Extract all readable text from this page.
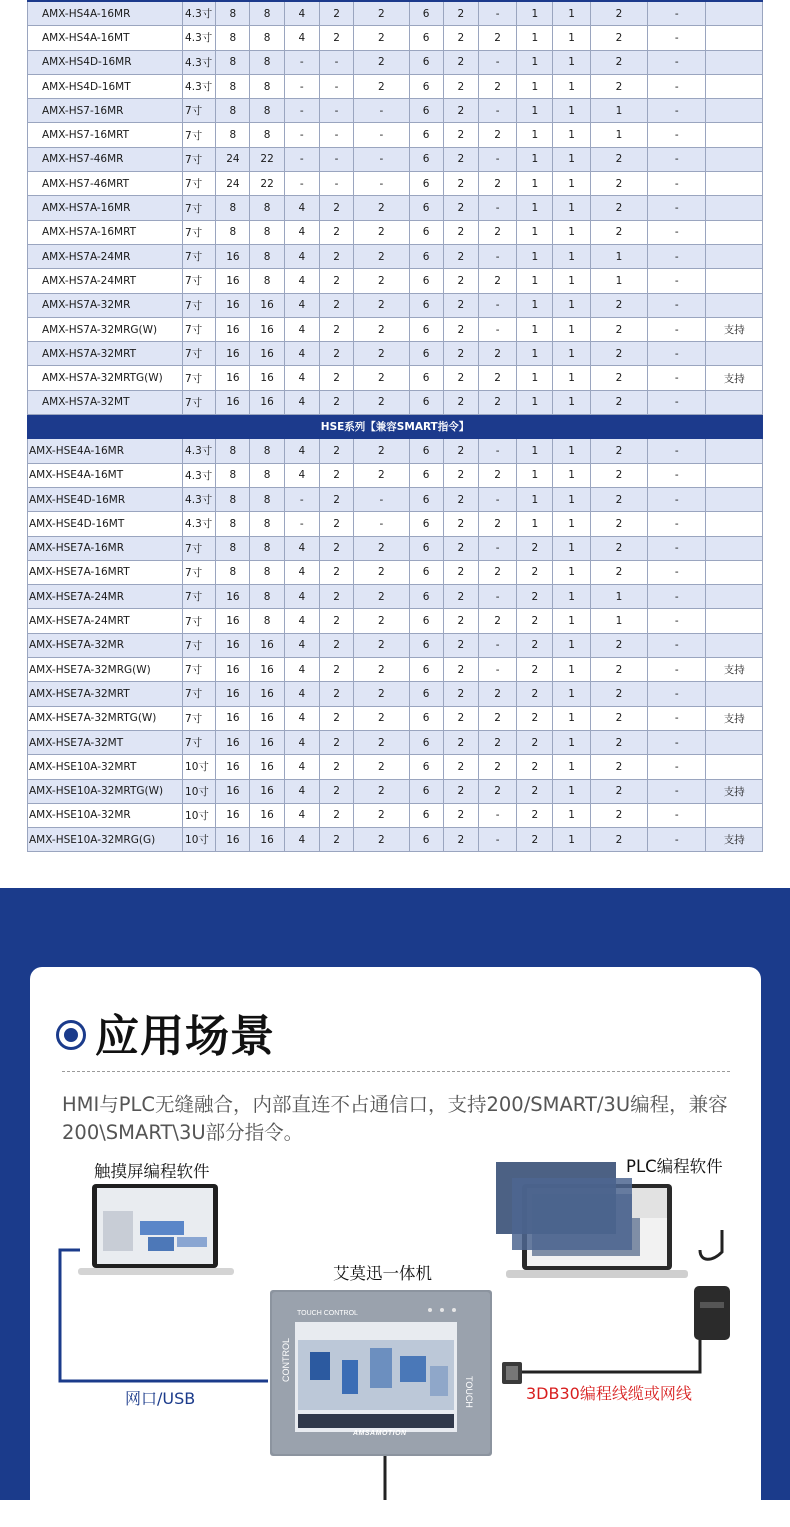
AMX-HS4A-16MR	4.3寸	8	8	4	2	2	6	2	-	1	1	2	-	
AMX-HS4A-16MT	4.3寸	8	8	4	2	2	6	2	2	1	1	2	-	
AMX-HS4D-16MR	4.3寸	8	8	-	-	2	6	2	-	1	1	2	-	
AMX-HS4D-16MT	4.3寸	8	8	-	-	2	6	2	2	1	1	2	-	
AMX-HS7-16MR	7寸	8	8	-	-	-	6	2	-	1	1	1	-	
AMX-HS7-16MRT	7寸	8	8	-	-	-	6	2	2	1	1	1	-	
AMX-HS7-46MR	7寸	24	22	-	-	-	6	2	-	1	1	2	-	
AMX-HS7-46MRT	7寸	24	22	-	-	-	6	2	2	1	1	2	-	
AMX-HS7A-16MR	7寸	8	8	4	2	2	6	2	-	1	1	2	-	
AMX-HS7A-16MRT	7寸	8	8	4	2	2	6	2	2	1	1	2	-	
AMX-HS7A-24MR	7寸	16	8	4	2	2	6	2	-	1	1	1	-	
AMX-HS7A-24MRT	7寸	16	8	4	2	2	6	2	2	1	1	1	-	
AMX-HS7A-32MR	7寸	16	16	4	2	2	6	2	-	1	1	2	-	
AMX-HS7A-32MRG(W)	7寸	16	16	4	2	2	6	2	-	1	1	2	-	支持
AMX-HS7A-32MRT	7寸	16	16	4	2	2	6	2	2	1	1	2	-	
AMX-HS7A-32MRTG(W)	7寸	16	16	4	2	2	6	2	2	1	1	2	-	支持
AMX-HS7A-32MT	7寸	16	16	4	2	2	6	2	2	1	1	2	-	
HSE系列【兼容SMART指令】														
AMX-HSE4A-16MR	4.3寸	8	8	4	2	2	6	2	-	1	1	2	-	
AMX-HSE4A-16MT	4.3寸	8	8	4	2	2	6	2	2	1	1	2	-	
AMX-HSE4D-16MR	4.3寸	8	8	-	2	-	6	2	-	1	1	2	-	
AMX-HSE4D-16MT	4.3寸	8	8	-	2	-	6	2	2	1	1	2	-	
AMX-HSE7A-16MR	7寸	8	8	4	2	2	6	2	-	2	1	2	-	
AMX-HSE7A-16MRT	7寸	8	8	4	2	2	6	2	2	2	1	2	-	
AMX-HSE7A-24MR	7寸	16	8	4	2	2	6	2	-	2	1	1	-	
AMX-HSE7A-24MRT	7寸	16	8	4	2	2	6	2	2	2	1	1	-	
AMX-HSE7A-32MR	7寸	16	16	4	2	2	6	2	-	2	1	2	-	
AMX-HSE7A-32MRG(W)	7寸	16	16	4	2	2	6	2	-	2	1	2	-	支持
AMX-HSE7A-32MRT	7寸	16	16	4	2	2	6	2	2	2	1	2	-	
AMX-HSE7A-32MRTG(W)	7寸	16	16	4	2	2	6	2	2	2	1	2	-	支持
AMX-HSE7A-32MT	7寸	16	16	4	2	2	6	2	2	2	1	2	-	
AMX-HSE10A-32MRT	10寸	16	16	4	2	2	6	2	2	2	1	2	-	
AMX-HSE10A-32MRTG(W)	10寸	16	16	4	2	2	6	2	2	2	1	2	-	支持
AMX-HSE10A-32MR	10寸	16	16	4	2	2	6	2	-	2	1	2	-	
AMX-HSE10A-32MRG(G)	10寸	16	16	4	2	2	6	2	-	2	1	2	-	支持
应用场景
HMI与PLC无缝融合，内部直连不占通信口，支持200/SMART/3U编程，兼容200\SMART\3U部分指令。
触摸屏编程软件	PLC编程软件
艾莫迅一体机
网口/USB	3DB30编程线缆或网线
TOUCH CONTROL
CONTROL
TOUCH
AMSAMOTION
